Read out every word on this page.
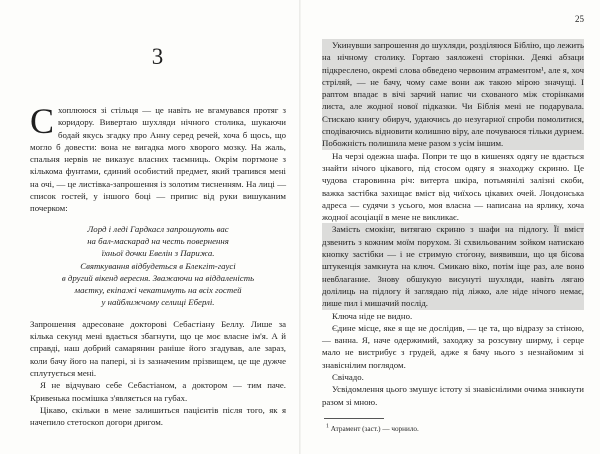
3

Схоплююся зі стільця — це навіть не вгамувався протяг з коридору. Вивертаю шухляди нічного столика, шукаючи бодай якусь згадку про Анну серед речей, хоча б щось, що могло б довести: вона не вигадка мого хворого мозку. На жаль, спальня нервів не виказує власних таємниць. Окрім портмоне з кількома фунтами, єдиний особистий предмет, який трапився мені на очі, — це листівка-запрошення із золотим тисненням. На лиці — список гостей, у іншого боці — припис від руки вишуканим почерком:

Лорд і леді Гардкасл запрошують вас
на бал-маскарад на честь повернення
їхньої дочки Евелін з Парижа.
Святкування відбудеться в Блекгіт-гаусі
в другий вікенд вересня. Зважаючи на віддаленість
маєтку, екіпажі чекатимуть на всіх гостей
у найближчому селищі Еберлі.

Запрошення адресоване докторові Себастіану Беллу. Лише за кілька секунд мені вдається збагнути, що це моє власне ім'я. А й справді, наш добрий самарянин раніше його згадував, але зараз, коли бачу його на папері, зі із зазначеним прізвищем, це ще дужче сплутується мені.

Я не відчуваю себе Себастіаном, а доктором — тим паче. Кривенька посмішка з'являється на губах.

Цікаво, скільки в мене залишиться пацієнтів після того, як я начепило стетоскоп догори дригом.

25

Укинувши запрошення до шухляди, розділяюся Біблію, що лежить на нічному столику. Гортаю заяложені сторінки. Деякі абзаци підкреслено, окремі слова обведено червоним атраментом¹, але я, хоч стріляй, — не бачу, чому саме вони аж такою мірою значущі. І раптом впадає в вічі зарчий напис чи схованого між сторінками листа, але жодної нової підказки. Чи Біблія мені не подарувала. Стискаю книгу обируч, удаючись до незугарної спроби помолитися, сподіваючись відновити колишню віру, але почуваюся тільки дурнем. Побожність полишила мене разом з усім іншим.

На черзі одежна шафа. Попри те що в кишенях одягу не вдається знайти нічого цікавого, під стосом одягу я знаходжу скриню. Це чудова старовинна річ: витерта шкіра, потьмянілі залізні скоби, важка застібка захищає вміст від чиїхось цікавих очей. Лондонська адреса — судячи з усього, моя власна — написана на ярлику, хоча жодної асоціації в мене не викликає.

Замість смокінг, витягаю скриню з шафи на підлогу. Її вміст дзвенить з кожним моїм порухом. Зі схвильованим зойком натискаю кнопку застібки — і не стримую сто́гону, виявивши, що ця бісова штукенція замкнута на ключ. Смикаю віко, потім іще раз, але воно невблагание. Знову обшукую висунуті шухляди, навіть лягаю долілиць на підлогу й заглядаю під ліжко, але ніде нічого немає, лише пил і мишачий послід.

Ключа ніде не видно.

Єдине місце, яке я ще не дослідив, — це та, що відразу за стіною, — ванна. Я, наче одержимий, заходжу за розсувну ширму, і серце мало не вистрибує з грудей, адже я бачу нього з незнайомим зі знавіснілим поглядом.

Свічадо.

Усвідомлення цього змушує істоту зі знавіснілими очима зникнути разом зі мною.

$^1$ Атрамент (заст.) — чорнило.
